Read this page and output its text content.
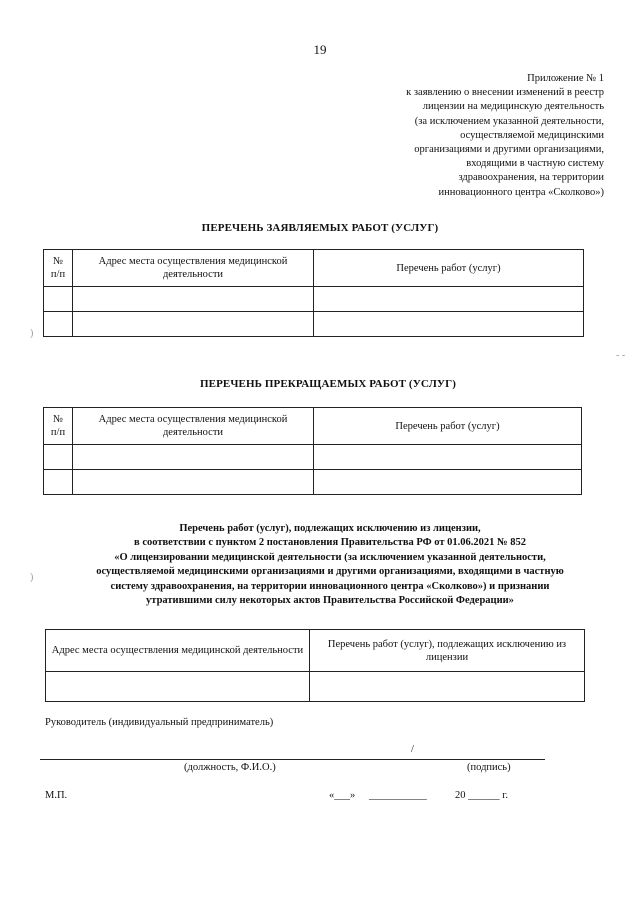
19
Приложение № 1
к заявлению о внесении изменений в реестр
лицензии на медицинскую деятельность
(за исключением указанной деятельности,
осуществляемой медицинскими
организациями и другими организациями,
входящими в частную систему
здравоохранения, на территории
инновационного центра «Сколково»)
ПЕРЕЧЕНЬ ЗАЯВЛЯЕМЫХ РАБОТ (УСЛУГ)
№ п/п	Адрес места осуществления медицинской деятельности	Перечень работ (услуг)

ПЕРЕЧЕНЬ ПРЕКРАЩАЕМЫХ РАБОТ (УСЛУГ)
№ п/п	Адрес места осуществления медицинской деятельности	Перечень работ (услуг)

Перечень работ (услуг), подлежащих исключению из лицензии,
в соответствии с пунктом 2 постановления Правительства РФ от 01.06.2021 № 852
«О лицензировании медицинской деятельности (за исключением указанной деятельности,
осуществляемой медицинскими организациями и другими организациями, входящими в частную
систему здравоохранения, на территории инновационного центра «Сколково») и признании
утратившими силу некоторых актов Правительства Российской Федерации»
Адрес места осуществления медицинской деятельности	Перечень работ (услуг), подлежащих исключению из лицензии

Руководитель (индивидуальный предприниматель)
/
(должность, Ф.И.О.)	(подпись)
М.П.	«___» ___________	20 ______ г.
)
)
- -
